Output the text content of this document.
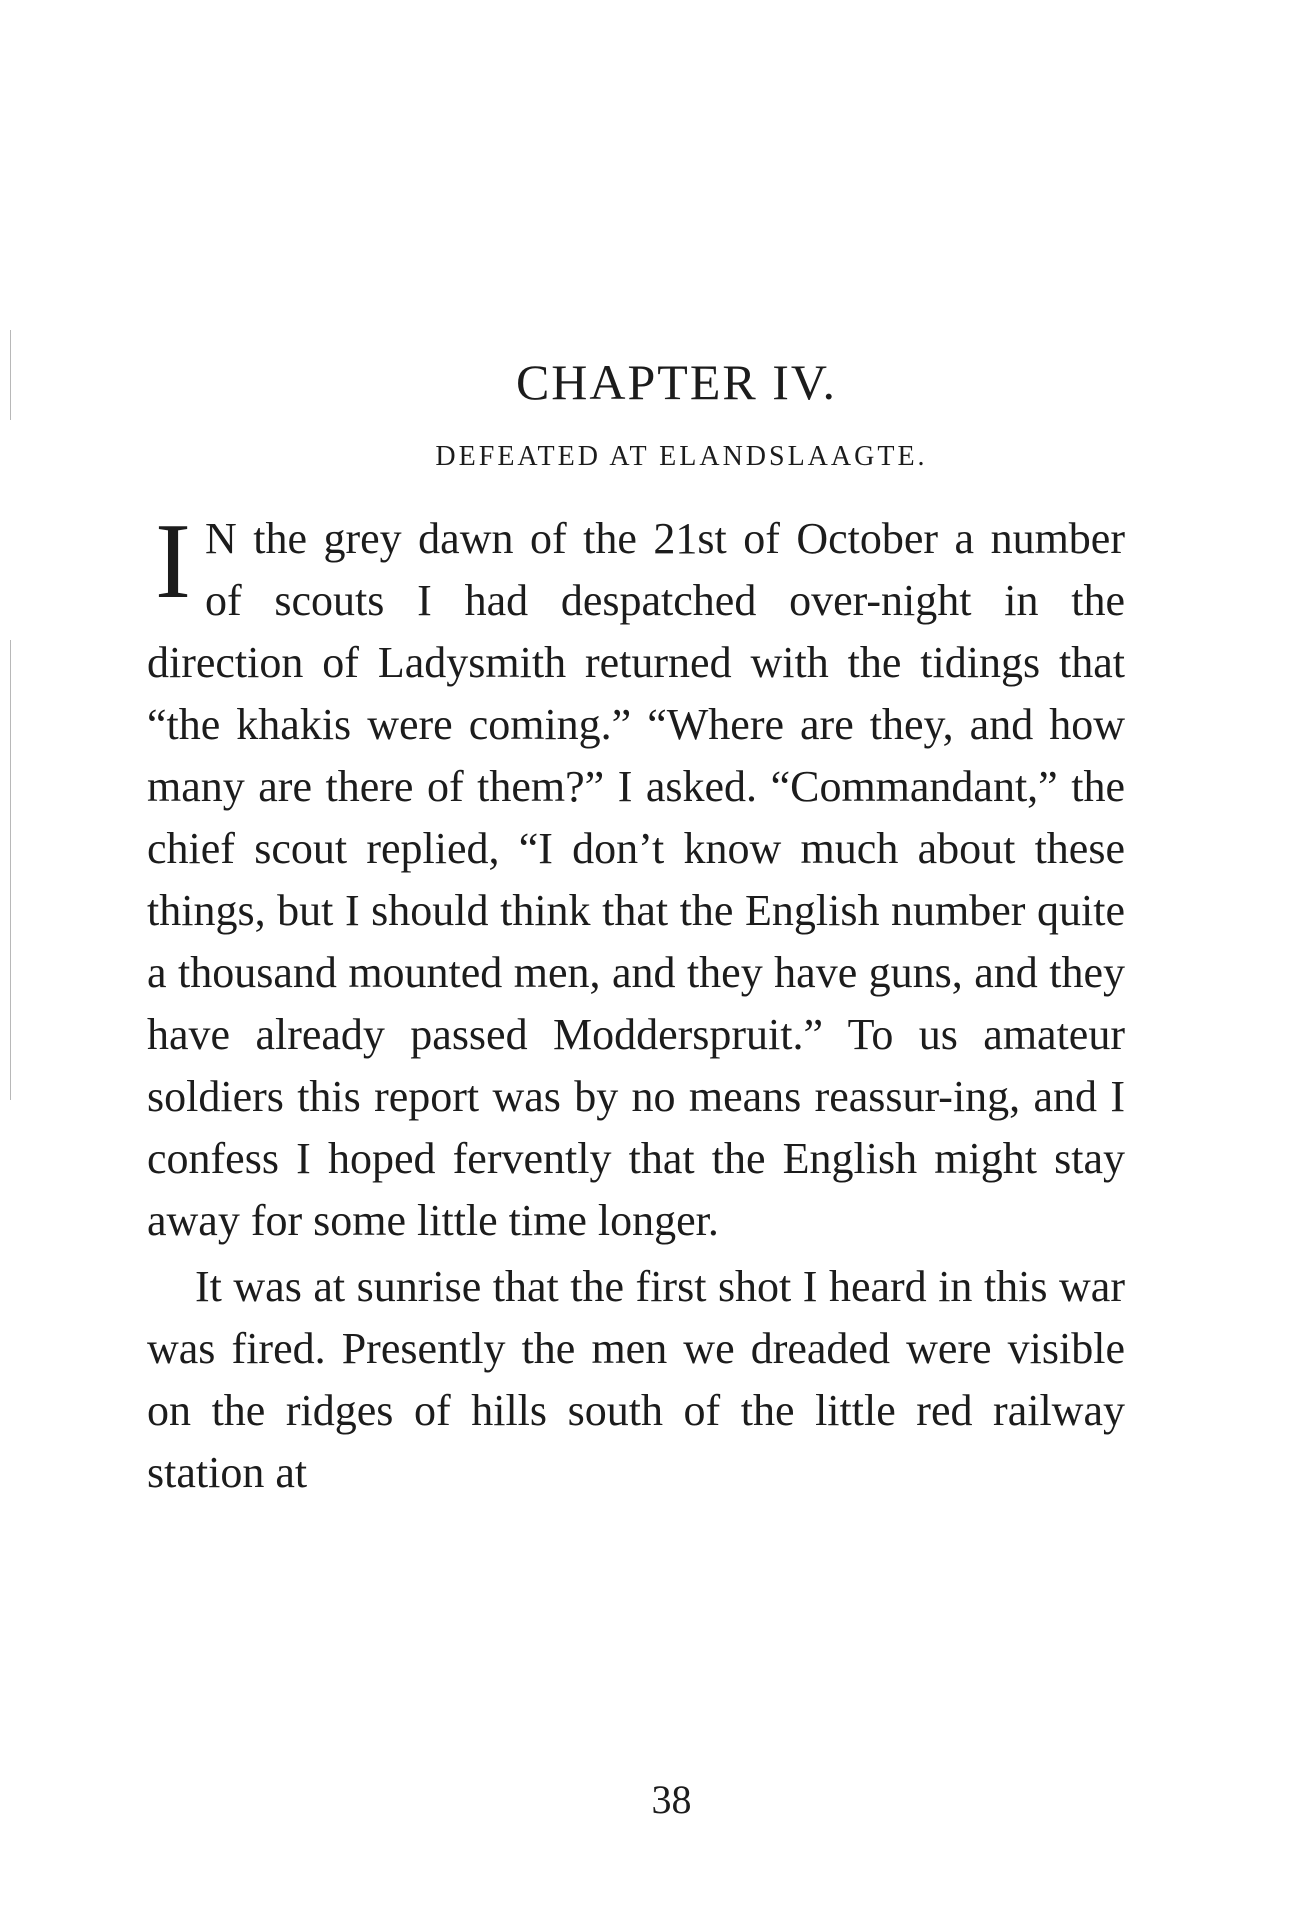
CHAPTER IV.
DEFEATED AT ELANDSLAAGTE.

I N the grey dawn of the 21st of October a number of scouts I had despatched over-night in the direction of Ladysmith returned with the tidings that “the khakis were coming.” “Where are they, and how many are there of them?” I asked. “Commandant,” the chief scout replied, “I don’t know much about these things, but I should think that the English number quite a thousand mounted men, and they have guns, and they have already passed Modderspruit.” To us amateur soldiers this report was by no means reassur-ing, and I confess I hoped fervently that the English might stay away for some little time longer.

It was at sunrise that the first shot I heard in this war was fired. Presently the men we dreaded were visible on the ridges of hills south of the little red railway station at

38
